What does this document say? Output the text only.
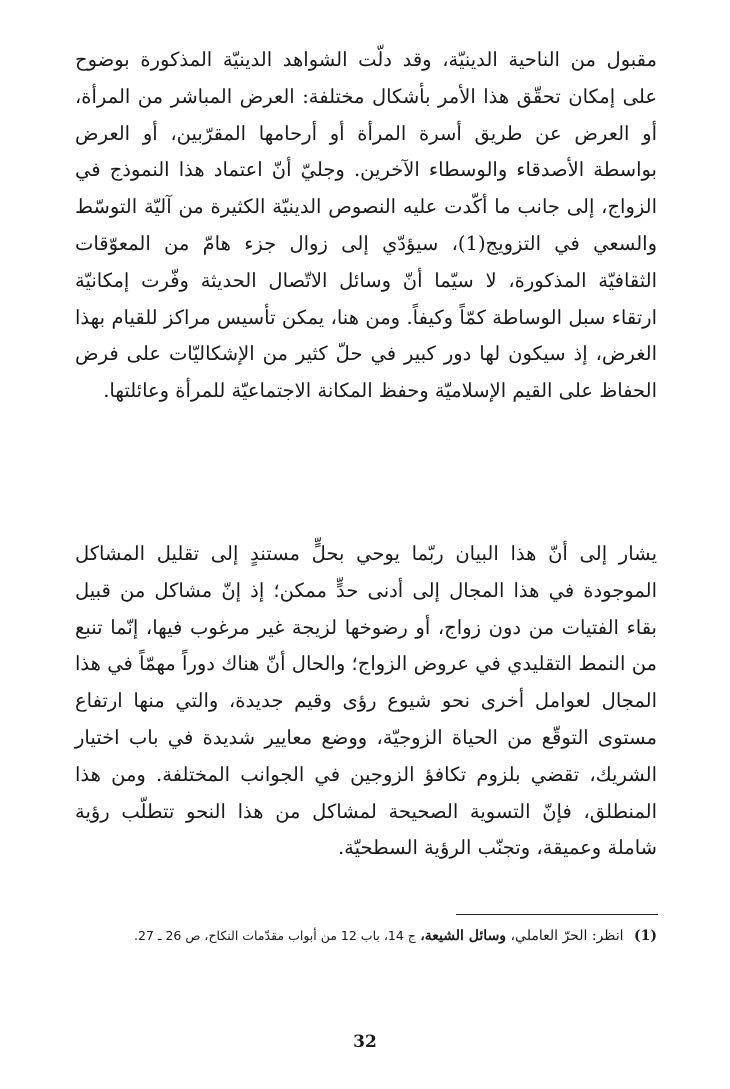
مقبول من الناحية الدينيّة، وقد دلّت الشواهد الدينيّة المذكورة بوضوح على إمكان تحقّق هذا الأمر بأشكال مختلفة: العرض المباشر من المرأة، أو العرض عن طريق أسرة المرأة أو أرحامها المقرّبين، أو العرض بواسطة الأصدقاء والوسطاء الآخرين. وجليّ أنّ اعتماد هذا النموذج في الزواج، إلى جانب ما أكّدت عليه النصوص الدينيّة الكثيرة من آليّة التوسّط والسعي في التزويج(1)، سيؤدّي إلى زوال جزء هامّ من المعوّقات الثقافيّة المذكورة، لا سيّما أنّ وسائل الاتّصال الحديثة وفّرت إمكانيّة ارتقاء سبل الوساطة كمّاً وكيفاً. ومن هنا، يمكن تأسيس مراكز للقيام بهذا الغرض، إذ سيكون لها دور كبير في حلّ كثير من الإشكاليّات على فرض الحفاظ على القيم الإسلاميّة وحفظ المكانة الاجتماعيّة للمرأة وعائلتها.

يشار إلى أنّ هذا البيان ربّما يوحي بحلٍّ مستندٍ إلى تقليل المشاكل الموجودة في هذا المجال إلى أدنى حدٍّ ممكن؛ إذ إنّ مشاكل من قبيل بقاء الفتيات من دون زواج، أو رضوخها لزيجة غير مرغوب فيها، إنّما تنبع من النمط التقليدي في عروض الزواج؛ والحال أنّ هناك دوراً مهمّاً في هذا المجال لعوامل أخرى نحو شيوع رؤى وقيم جديدة، والتي منها ارتفاع مستوى التوقّع من الحياة الزوجيّة، ووضع معايير شديدة في باب اختيار الشريك، تقضي بلزوم تكافؤ الزوجين في الجوانب المختلفة. ومن هذا المنطلق، فإنّ التسوية الصحيحة لمشاكل من هذا النحو تتطلّب رؤية شاملة وعميقة، وتجنّب الرؤية السطحيّة.

(1) انظر: الحرّ العاملي، وسائل الشيعة، ج 14، باب 12 من أبواب مقدّمات النكاح، ص 26 ـ 27.

32
